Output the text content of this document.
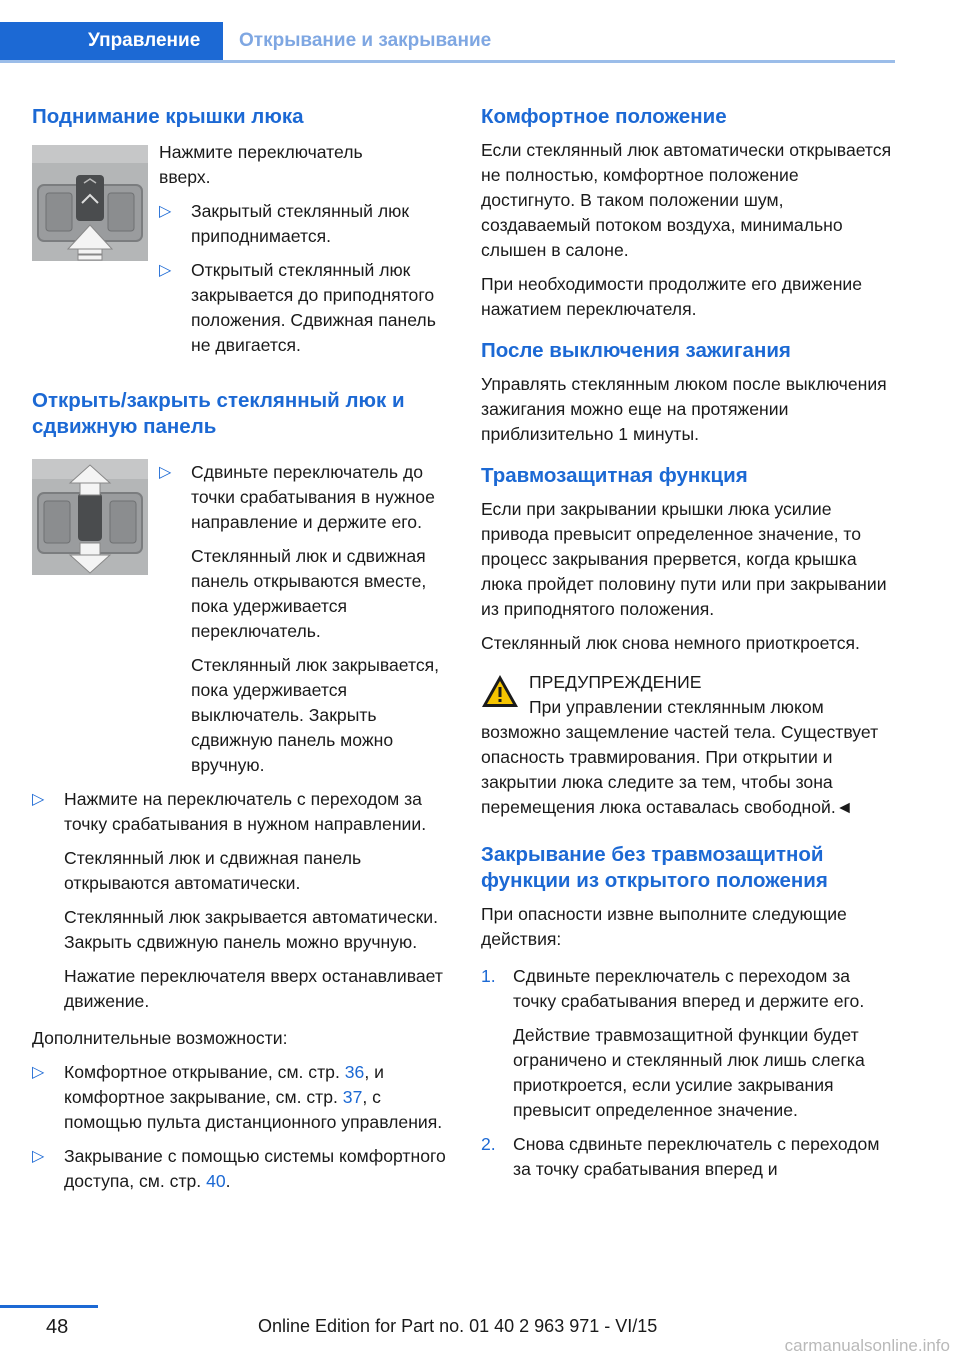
Управление	Открывание и закрывание
Поднимание крышки люка

Нажмите переключатель вверх.

▷ Закрытый стеклянный люк приподнимается.

▷ Открытый стеклянный люк закрывается до приподнятого положения. Сдвижная панель не двигается.

Открыть/закрыть стеклянный люк и сдвижную панель
▷ Сдвиньте переключатель до точки срабатывания в нужное направление и держите его.

Стеклянный люк и сдвижная панель открываются вместе, пока удерживается переключатель.

Стеклянный люк закрывается, пока удерживается выключатель. Закрыть сдвижную панель можно вручную.

▷ Нажмите на переключатель с переходом за точку срабатывания в нужном направлении.

Стеклянный люк и сдвижная панель открываются автоматически.

Стеклянный люк закрывается автоматически. Закрыть сдвижную панель можно вручную.

Нажатие переключателя вверх останавливает движение.

Дополнительные возможности:

▷ Комфортное открывание, см. стр. 36, и комфортное закрывание, см. стр. 37, с помощью пульта дистанционного управления.

▷ Закрывание с помощью системы комфортного доступа, см. стр. 40.

Комфортное положение

Если стеклянный люк автоматически открывается не полностью, комфортное положение достигнуто. В таком положении шум, создаваемый потоком воздуха, минимально слышен в салоне.

При необходимости продолжите его движение нажатием переключателя.

После выключения зажигания

Управлять стеклянным люком после выключения зажигания можно еще на протяжении приблизительно 1 минуты.

Травмозащитная функция

Если при закрывании крышки люка усилие привода превысит определенное значение, то процесс закрывания прервется, когда крышка люка пройдет половину пути или при закрывании из приподнятого положения.

Стеклянный люк снова немного приоткроется.

ПРЕДУПРЕЖДЕНИЕ

При управлении стеклянным люком возможно защемление частей тела. Существует опасность травмирования. При открытии и закрытии люка следите за тем, чтобы зона перемещения люка оставалась свободной.◄

Закрывание без травмозащитной функции из открытого положения

При опасности извне выполните следующие действия:

1. Сдвиньте переключатель с переходом за точку срабатывания вперед и держите его.

Действие травмозащитной функции будет ограничено и стеклянный люк лишь слегка приоткроется, если усилие закрывания превысит определенное значение.

2. Снова сдвиньте переключатель с переходом за точку срабатывания вперед и

48	Online Edition for Part no. 01 40 2 963 971 - VI/15
carmanualsonline.info
